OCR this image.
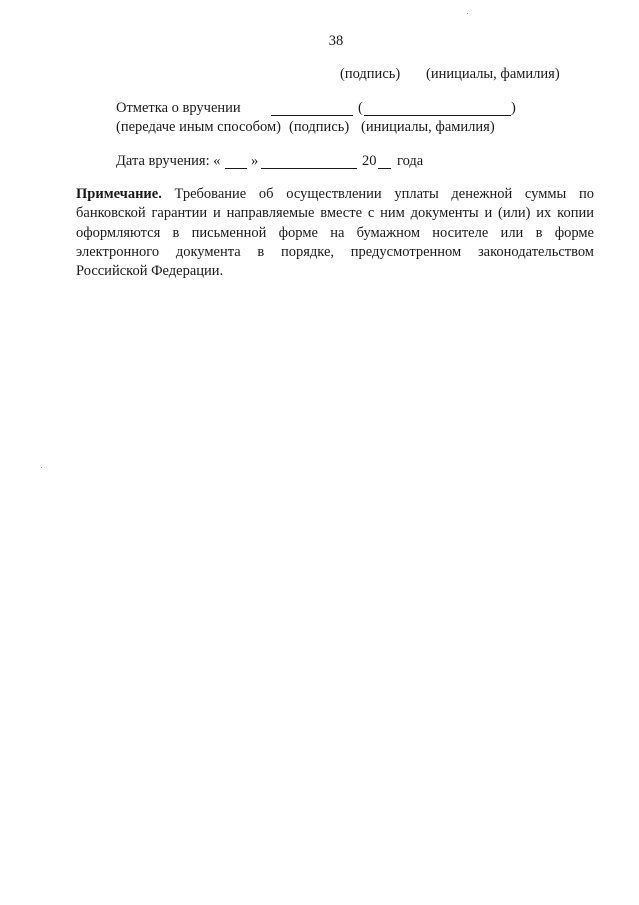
38
(подпись) (инициалы, фамилия)
Отметка о вручении	(	)
(передаче иным способом) (подпись) (инициалы, фамилия)
Дата вручения: « »	20 года
Примечание. Требование об осуществлении уплаты денежной суммы по банковской гарантии и направляемые вместе с ним документы и (или) их копии оформляются в письменной форме на бумажном носителе или в форме электронного документа в порядке, предусмотренном законодательством Российской Федерации.
